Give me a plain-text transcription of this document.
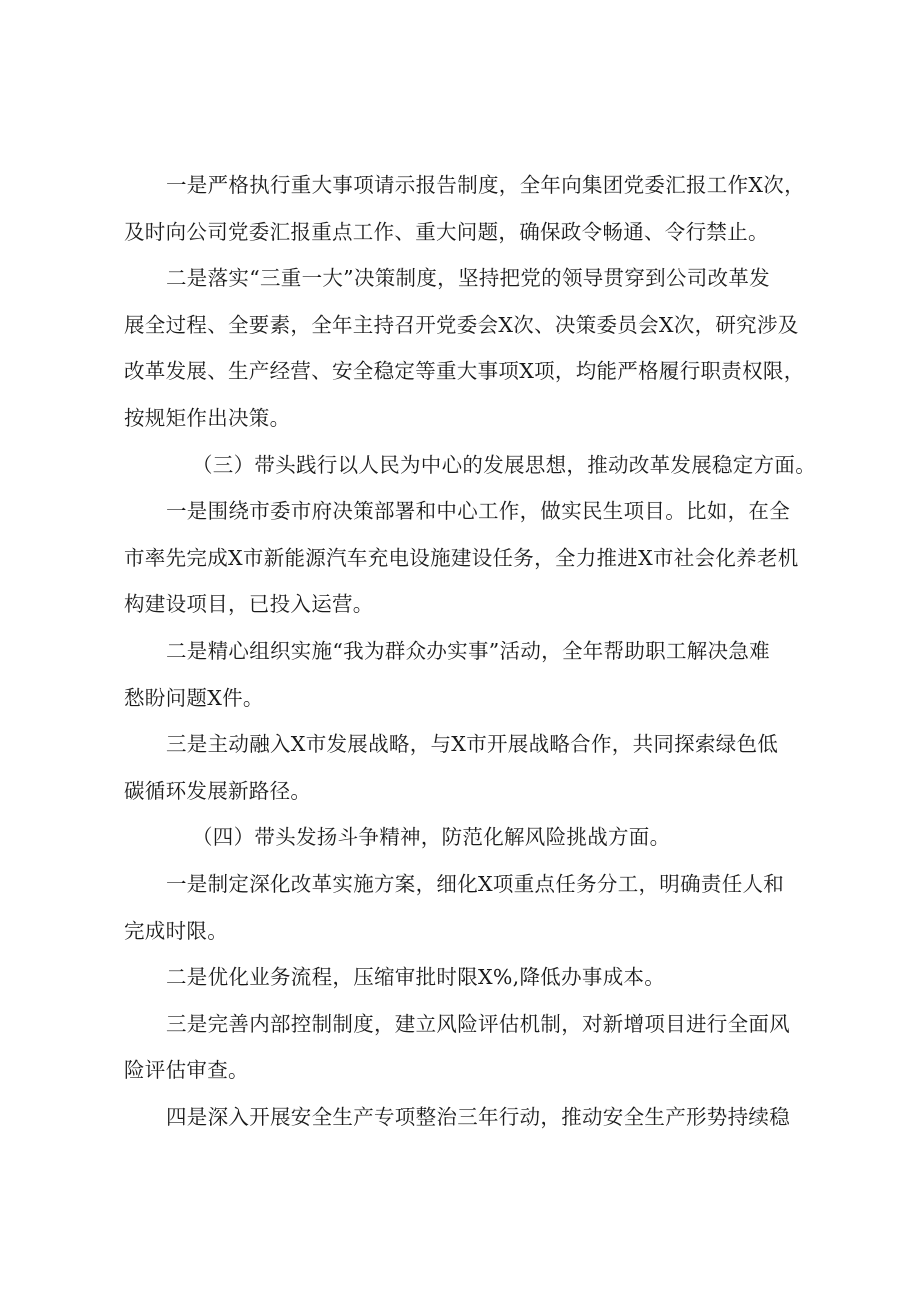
一是严格执行重大事项请示报告制度，全年向集团党委汇报工作X次，
及时向公司党委汇报重点工作、重大问题，确保政令畅通、令行禁止。
二是落实“三重一大”决策制度，坚持把党的领导贯穿到公司改革发
展全过程、全要素，全年主持召开党委会X次、决策委员会X次，研究涉及
改革发展、生产经营、安全稳定等重大事项X项，均能严格履行职责权限，
按规矩作出决策。
（三）带头践行以人民为中心的发展思想，推动改革发展稳定方面。
一是围绕市委市府决策部署和中心工作，做实民生项目。比如，在全
市率先完成X市新能源汽车充电设施建设任务，全力推进X市社会化养老机
构建设项目，已投入运营。
二是精心组织实施“我为群众办实事”活动，全年帮助职工解决急难
愁盼问题X件。
三是主动融入X市发展战略，与X市开展战略合作，共同探索绿色低
碳循环发展新路径。
（四）带头发扬斗争精神，防范化解风险挑战方面。
一是制定深化改革实施方案，细化X项重点任务分工，明确责任人和
完成时限。
二是优化业务流程，压缩审批时限X%,降低办事成本。
三是完善内部控制制度，建立风险评估机制，对新增项目进行全面风
险评估审查。
四是深入开展安全生产专项整治三年行动，推动安全生产形势持续稳
